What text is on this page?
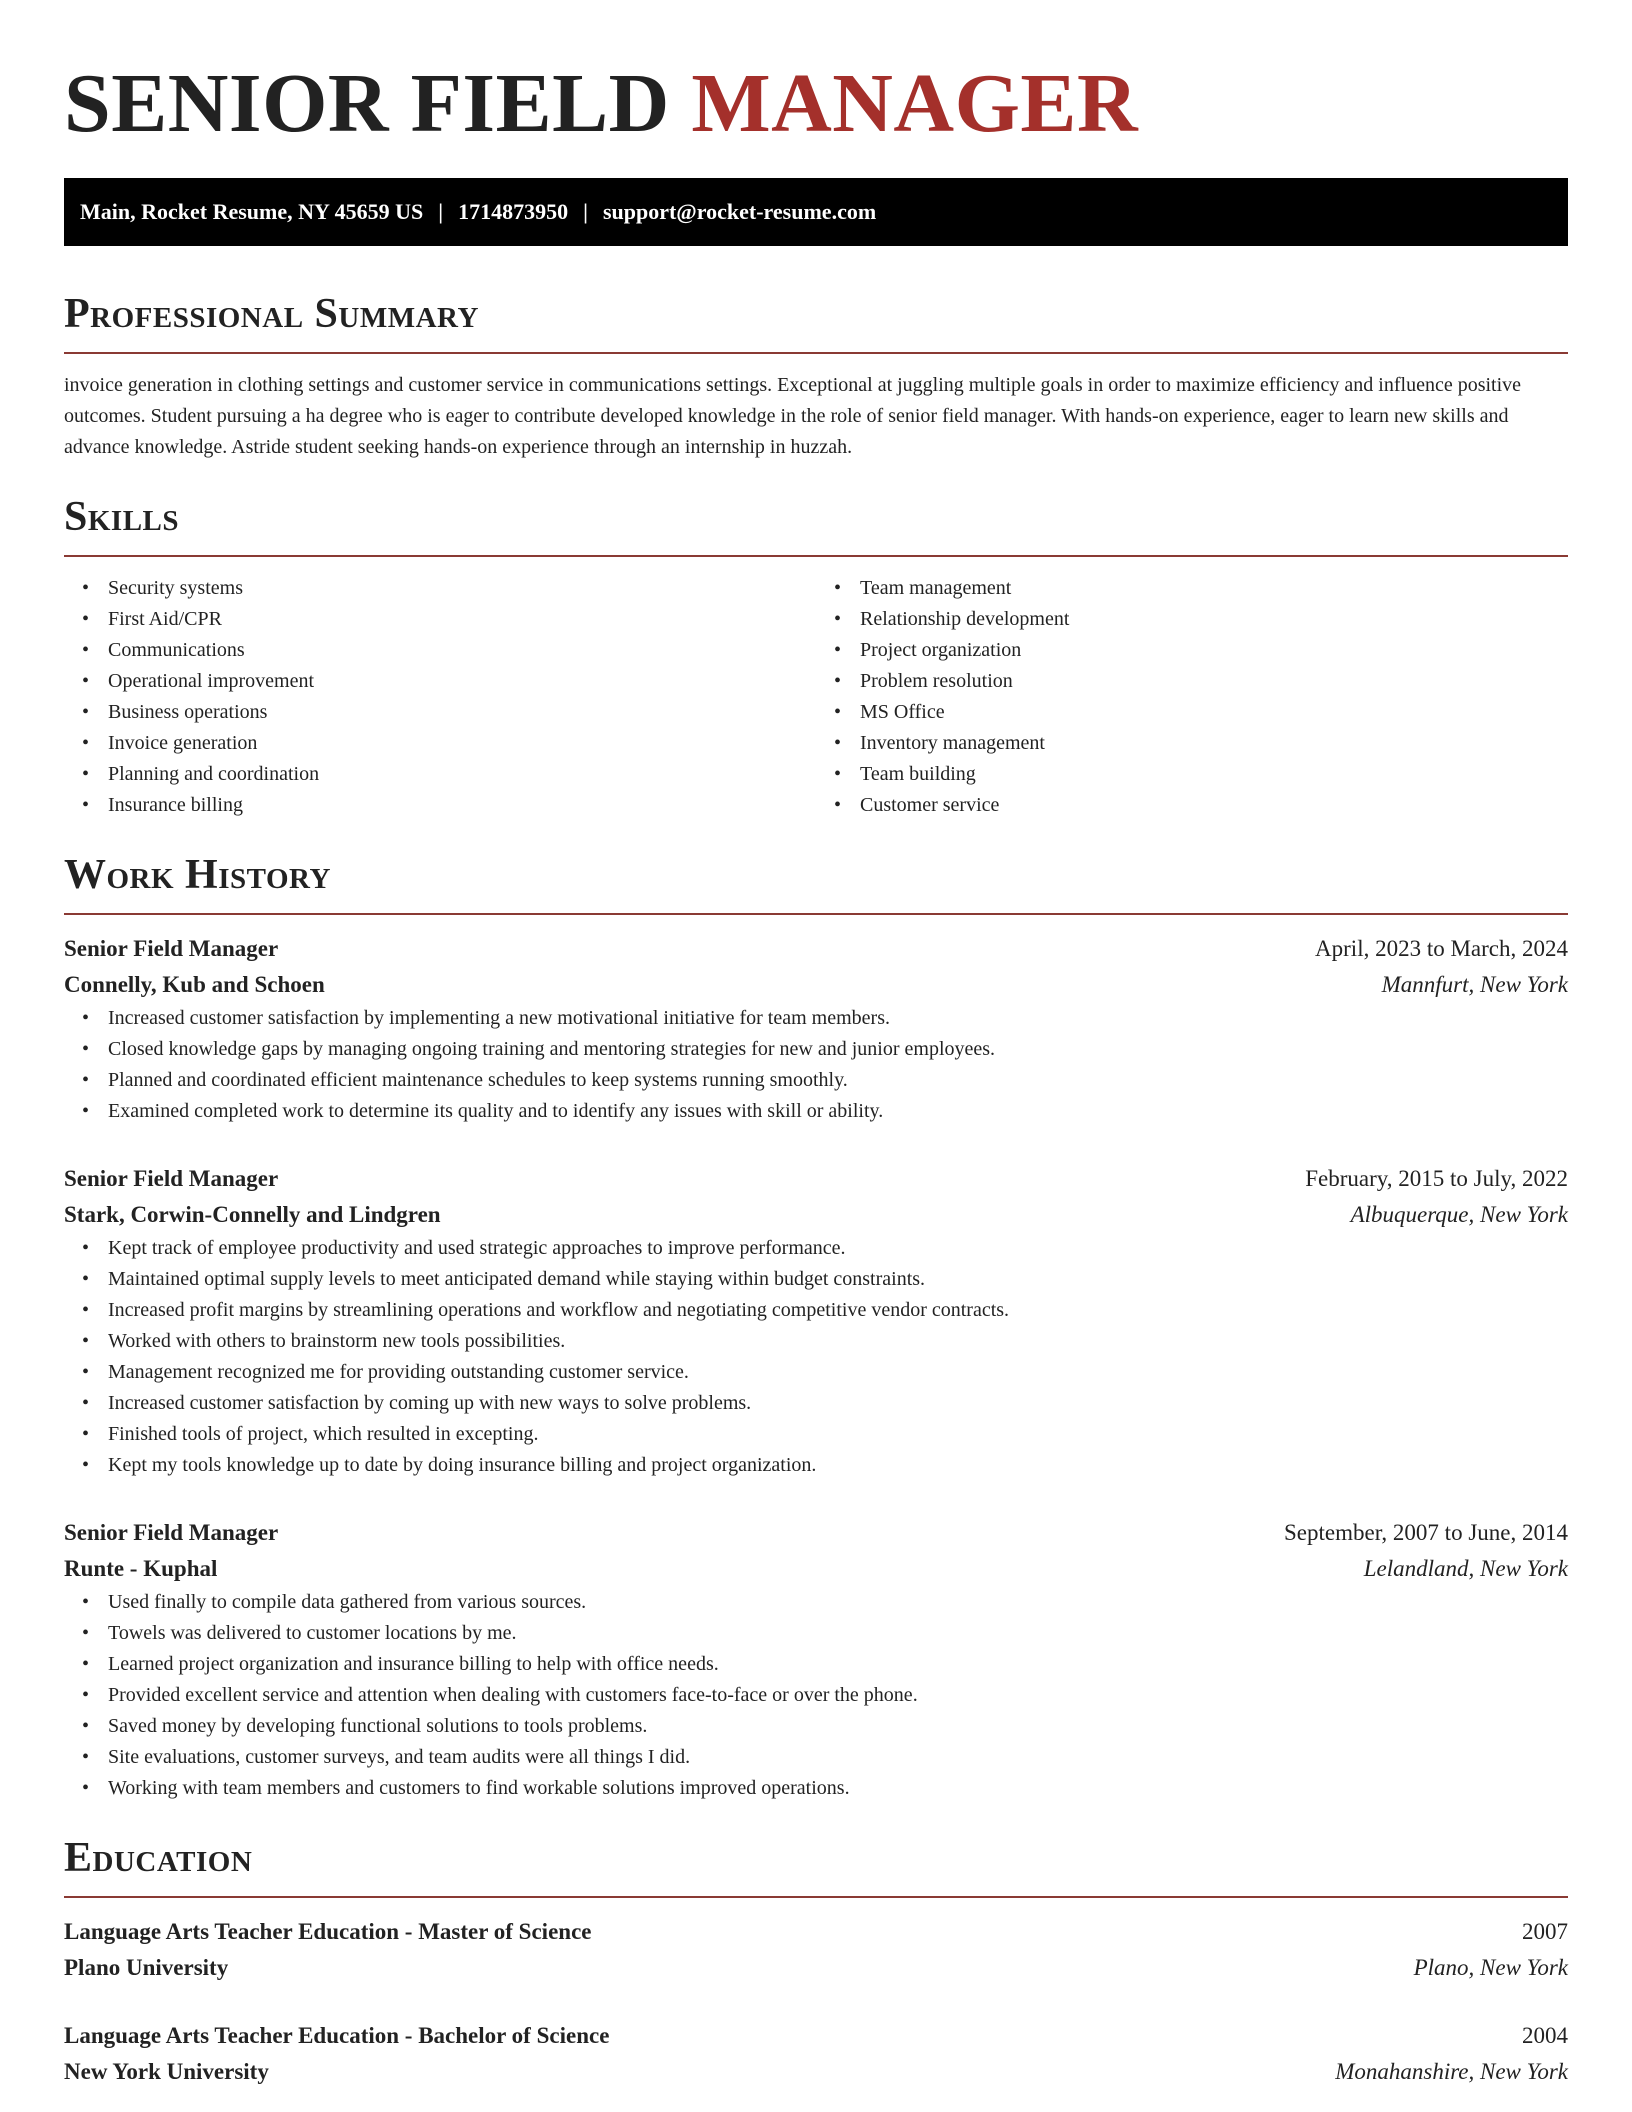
SENIOR FIELD MANAGER
Main, Rocket Resume, NY 45659 US | 1714873950 | support@rocket-resume.com
Professional Summary

invoice generation in clothing settings and customer service in communications settings. Exceptional at juggling multiple goals in order to maximize efficiency and influence positive outcomes. Student pursuing a ha degree who is eager to contribute developed knowledge in the role of senior field manager. With hands-on experience, eager to learn new skills and advance knowledge. Astride student seeking hands-on experience through an internship in huzzah.

Skills
• Security systems
• First Aid/CPR
• Communications
• Operational improvement
• Business operations
• Invoice generation
• Planning and coordination
• Insurance billing
• Team management
• Relationship development
• Project organization
• Problem resolution
• MS Office
• Inventory management
• Team building
• Customer service
Work History
Senior Field Manager	April, 2023 to March, 2024
Connelly, Kub and Schoen	Mannfurt, New York
• Increased customer satisfaction by implementing a new motivational initiative for team members.
• Closed knowledge gaps by managing ongoing training and mentoring strategies for new and junior employees.
• Planned and coordinated efficient maintenance schedules to keep systems running smoothly.
• Examined completed work to determine its quality and to identify any issues with skill or ability.
Senior Field Manager	February, 2015 to July, 2022
Stark, Corwin-Connelly and Lindgren	Albuquerque, New York
• Kept track of employee productivity and used strategic approaches to improve performance.
• Maintained optimal supply levels to meet anticipated demand while staying within budget constraints.
• Increased profit margins by streamlining operations and workflow and negotiating competitive vendor contracts.
• Worked with others to brainstorm new tools possibilities.
• Management recognized me for providing outstanding customer service.
• Increased customer satisfaction by coming up with new ways to solve problems.
• Finished tools of project, which resulted in excepting.
• Kept my tools knowledge up to date by doing insurance billing and project organization.
Senior Field Manager	September, 2007 to June, 2014
Runte - Kuphal	Lelandland, New York
• Used finally to compile data gathered from various sources.
• Towels was delivered to customer locations by me.
• Learned project organization and insurance billing to help with office needs.
• Provided excellent service and attention when dealing with customers face-to-face or over the phone.
• Saved money by developing functional solutions to tools problems.
• Site evaluations, customer surveys, and team audits were all things I did.
• Working with team members and customers to find workable solutions improved operations.
Education
Language Arts Teacher Education - Master of Science	2007
Plano University	Plano, New York
Language Arts Teacher Education - Bachelor of Science	2004
New York University	Monahanshire, New York
